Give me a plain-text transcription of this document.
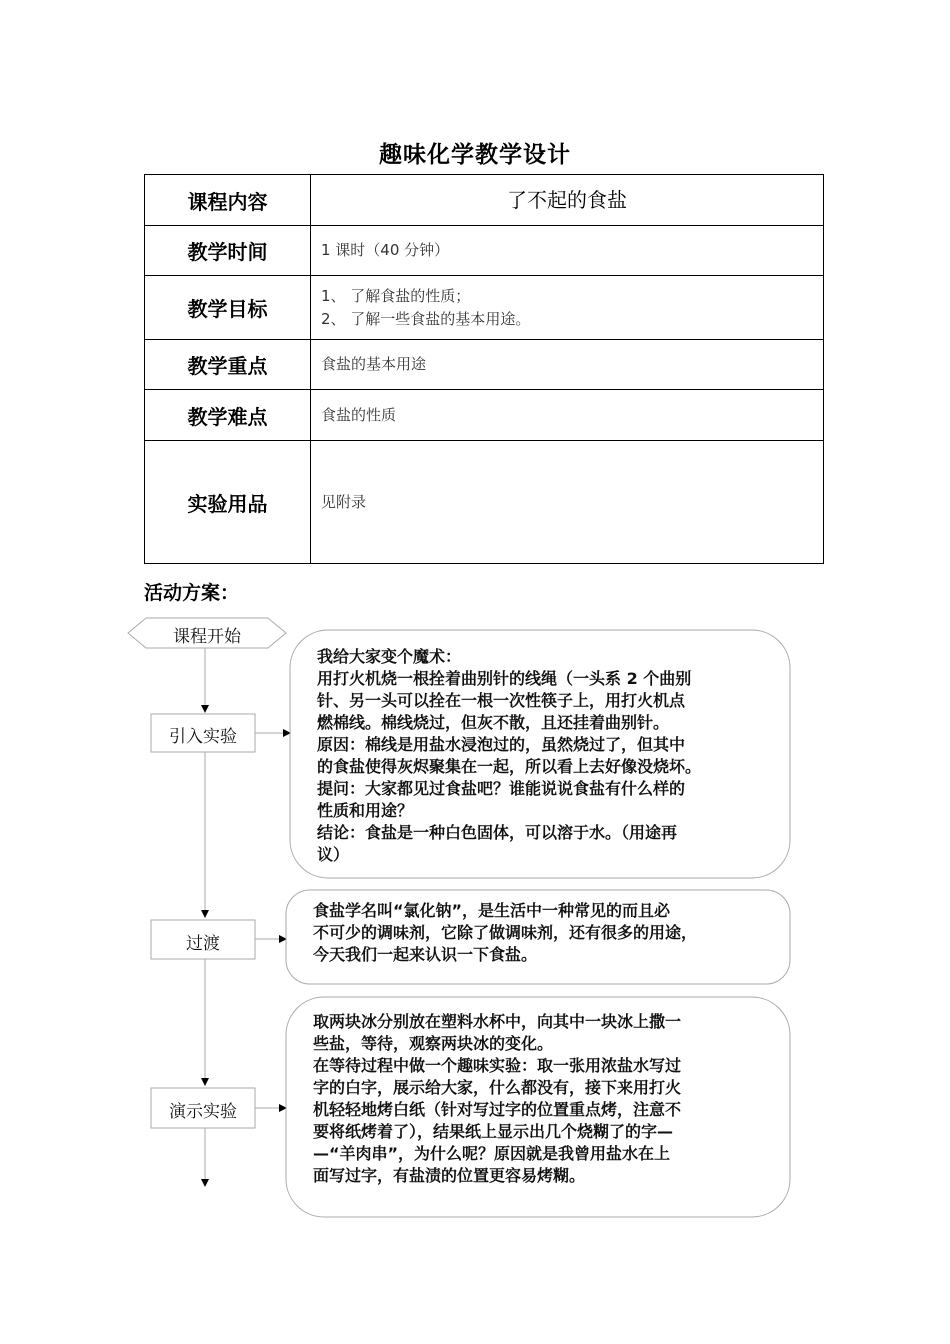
趣味化学教学设计
课程内容	了不起的食盐
教学时间	1 课时（40 分钟）
教学目标	1、 了解食盐的性质；
2、 了解一些食盐的基本用途。

教学重点	食盐的基本用途
教学难点	食盐的性质
实验用品	见附录
活动方案：
课程开始
引入实验
过渡
演示实验
我给大家变个魔术：
用打火机烧一根拴着曲别针的线绳（一头系 2 个曲别
针、另一头可以拴在一根一次性筷子上，用打火机点
燃棉线。棉线烧过，但灰不散，且还挂着曲别针。
原因：棉线是用盐水浸泡过的，虽然烧过了，但其中
的食盐使得灰烬聚集在一起，所以看上去好像没烧坏。
提问：大家都见过食盐吧？谁能说说食盐有什么样的
性质和用途？
结论：食盐是一种白色固体，可以溶于水。（用途再
议）
食盐学名叫“氯化钠”，是生活中一种常见的而且必
不可少的调味剂，它除了做调味剂，还有很多的用途，
今天我们一起来认识一下食盐。
取两块冰分别放在塑料水杯中，向其中一块冰上撒一
些盐，等待，观察两块冰的变化。
在等待过程中做一个趣味实验：取一张用浓盐水写过
字的白字，展示给大家，什么都没有，接下来用打火
机轻轻地烤白纸（针对写过字的位置重点烤，注意不
要将纸烤着了），结果纸上显示出几个烧糊了的字—
—“羊肉串”，为什么呢？原因就是我曾用盐水在上
面写过字，有盐渍的位置更容易烤糊。
